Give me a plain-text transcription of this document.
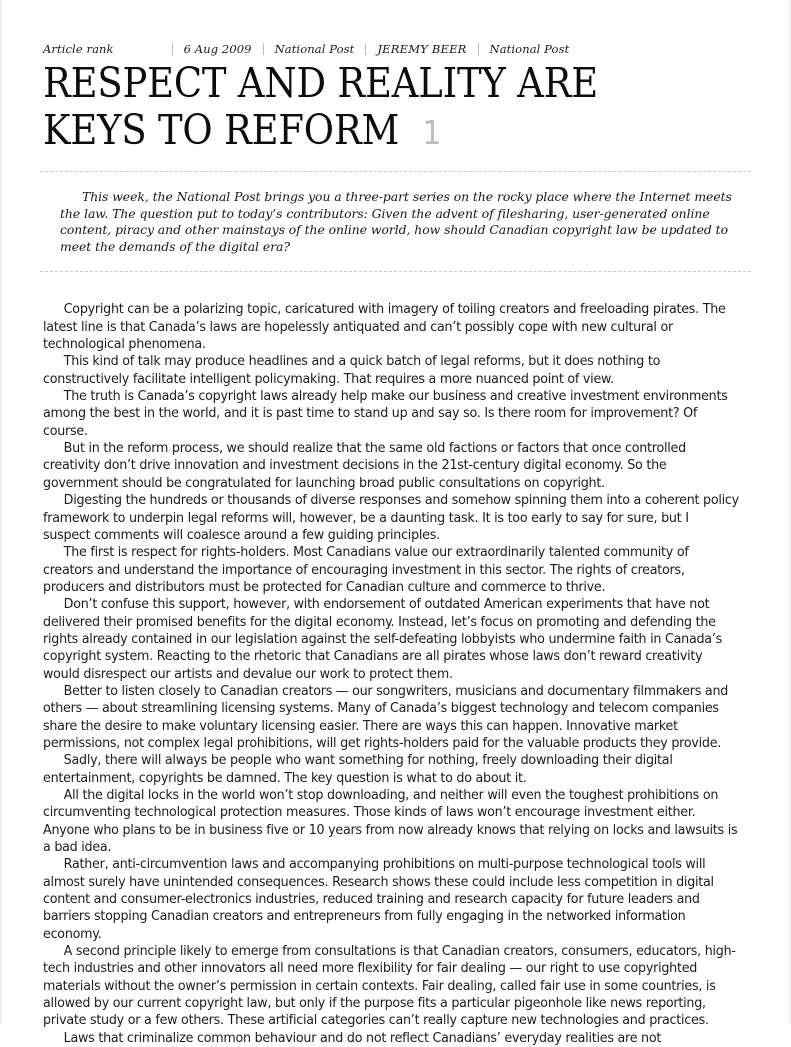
Article rank	6 Aug 2009	National Post	JEREMY BEER	National Post
RESPECT AND REALITY ARE KEYS TO REFORM 1

This week, the National Post brings you a three-part series on the rocky place where the Internet meets the law. The question put to today’s contributors: Given the advent of filesharing, user-generated online content, piracy and other mainstays of the online world, how should Canadian copyright law be updated to meet the demands of the digital era?

Copyright can be a polarizing topic, caricatured with imagery of toiling creators and freeloading pirates. The latest line is that Canada’s laws are hopelessly antiquated and can’t possibly cope with new cultural or technological phenomena.

This kind of talk may produce headlines and a quick batch of legal reforms, but it does nothing to constructively facilitate intelligent policymaking. That requires a more nuanced point of view.

The truth is Canada’s copyright laws already help make our business and creative investment environments among the best in the world, and it is past time to stand up and say so. Is there room for improvement? Of course.

But in the reform process, we should realize that the same old factions or factors that once controlled creativity don’t drive innovation and investment decisions in the 21st-century digital economy. So the government should be congratulated for launching broad public consultations on copyright.

Digesting the hundreds or thousands of diverse responses and somehow spinning them into a coherent policy framework to underpin legal reforms will, however, be a daunting task. It is too early to say for sure, but I suspect comments will coalesce around a few guiding principles.

The first is respect for rights-holders. Most Canadians value our extraordinarily talented community of creators and understand the importance of encouraging investment in this sector. The rights of creators, producers and distributors must be protected for Canadian culture and commerce to thrive.

Don’t confuse this support, however, with endorsement of outdated American experiments that have not delivered their promised benefits for the digital economy. Instead, let’s focus on promoting and defending the rights already contained in our legislation against the self-defeating lobbyists who undermine faith in Canada’s copyright system. Reacting to the rhetoric that Canadians are all pirates whose laws don’t reward creativity would disrespect our artists and devalue our work to protect them.

Better to listen closely to Canadian creators — our songwriters, musicians and documentary filmmakers and others — about streamlining licensing systems. Many of Canada’s biggest technology and telecom companies share the desire to make voluntary licensing easier. There are ways this can happen. Innovative market permissions, not complex legal prohibitions, will get rights-holders paid for the valuable products they provide.

Sadly, there will always be people who want something for nothing, freely downloading their digital entertainment, copyrights be damned. The key question is what to do about it.

All the digital locks in the world won’t stop downloading, and neither will even the toughest prohibitions on circumventing technological protection measures. Those kinds of laws won’t encourage investment either. Anyone who plans to be in business five or 10 years from now already knows that relying on locks and lawsuits is a bad idea.

Rather, anti-circumvention laws and accompanying prohibitions on multi-purpose technological tools will almost surely have unintended consequences. Research shows these could include less competition in digital content and consumer-electronics industries, reduced training and research capacity for future leaders and barriers stopping Canadian creators and entrepreneurs from fully engaging in the networked information economy.

A second principle likely to emerge from consultations is that Canadian creators, consumers, educators, high-tech industries and other innovators all need more flexibility for fair dealing — our right to use copyrighted materials without the owner’s permission in certain contexts. Fair dealing, called fair use in some countries, is allowed by our current copyright law, but only if the purpose fits a particular pigeonhole like news reporting, private study or a few others. These artificial categories can’t really capture new technologies and practices.

Laws that criminalize common behaviour and do not reflect Canadians’ everyday realities are not
